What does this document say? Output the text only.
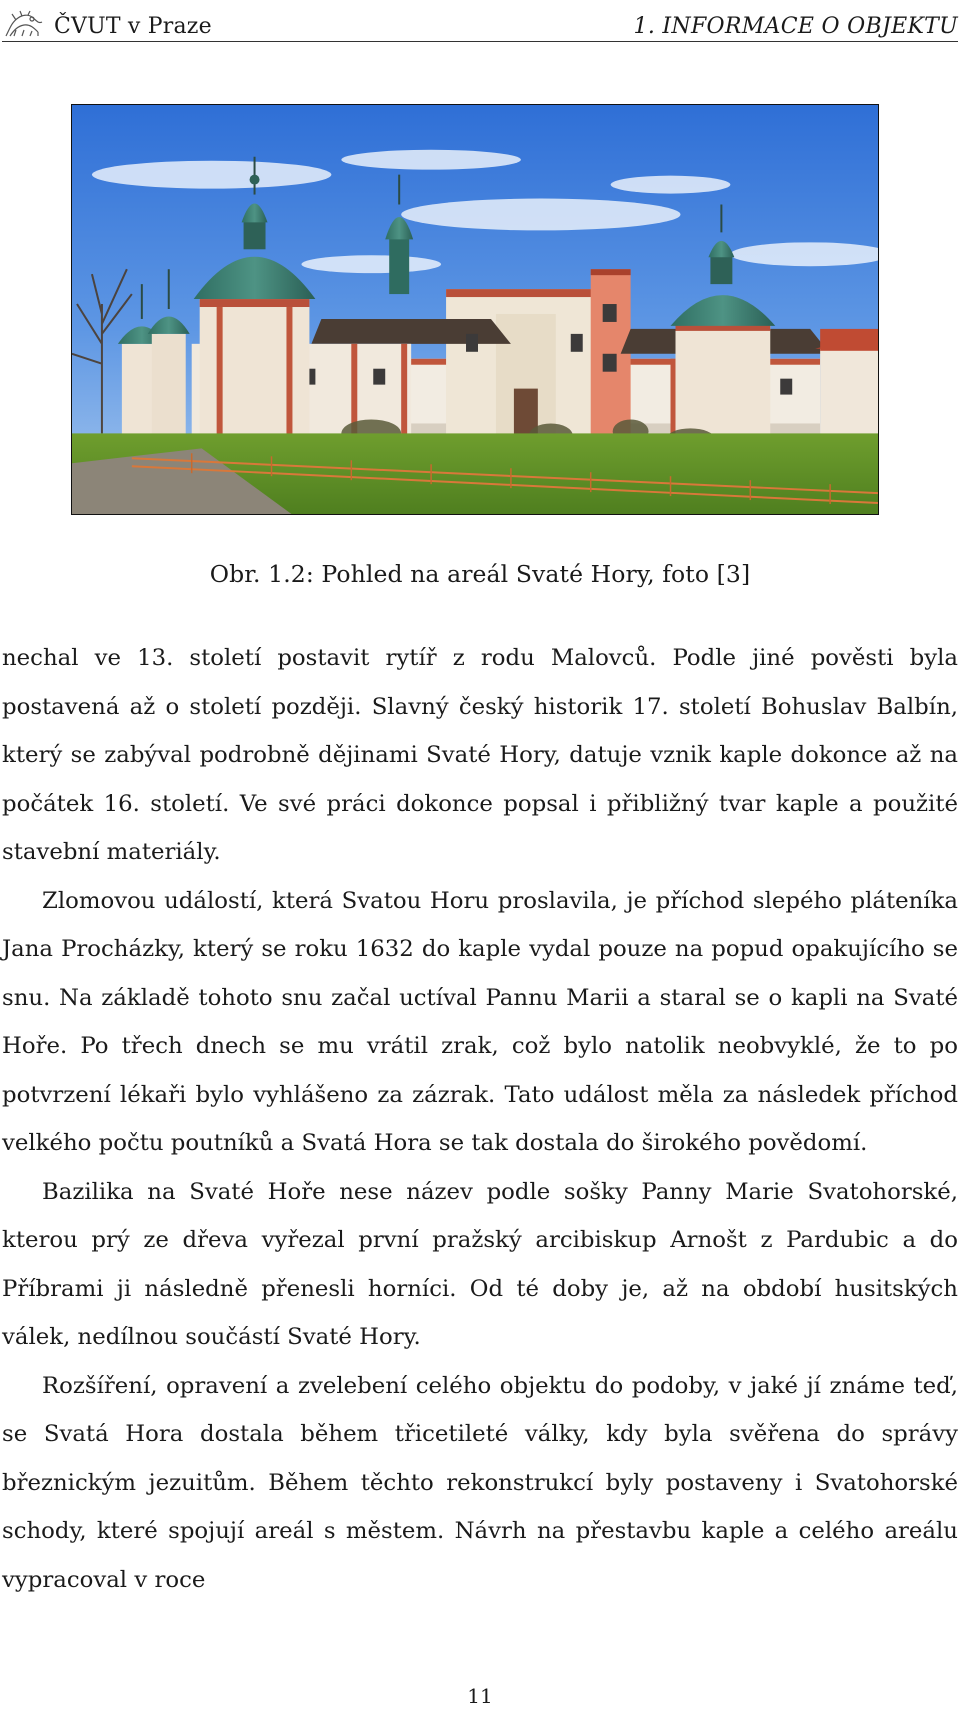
ČVUT v Praze	1. INFORMACE O OBJEKTU
Obr. 1.2: Pohled na areál Svaté Hory, foto [3]

nechal ve 13. století postavit rytíř z rodu Malovců. Podle jiné pověsti byla postavená až o století později. Slavný český historik 17. století Bohuslav Balbín, který se zabýval podrobně dějinami Svaté Hory, datuje vznik kaple dokonce až na počátek 16. století. Ve své práci dokonce popsal i přibližný tvar kaple a použité stavební materiály.

Zlomovou událostí, která Svatou Horu proslavila, je příchod slepého pláteníka Jana Procházky, který se roku 1632 do kaple vydal pouze na popud opakujícího se snu. Na základě tohoto snu začal uctíval Pannu Marii a staral se o kapli na Svaté Hoře. Po třech dnech se mu vrátil zrak, což bylo natolik neobvyklé, že to po potvrzení lékaři bylo vyhlášeno za zázrak. Tato událost měla za následek příchod velkého počtu poutníků a Svatá Hora se tak dostala do širokého povědomí.

Bazilika na Svaté Hoře nese název podle sošky Panny Marie Svatohorské, kterou prý ze dřeva vyřezal první pražský arcibiskup Arnošt z Pardubic a do Příbrami ji následně přenesli horníci. Od té doby je, až na období husitských válek, nedílnou součástí Svaté Hory.

Rozšíření, opravení a zvelebení celého objektu do podoby, v jaké jí známe teď, se Svatá Hora dostala během třicetileté války, kdy byla svěřena do správy březnickým jezuitům. Během těchto rekonstrukcí byly postaveny i Svatohorské schody, které spojují areál s městem. Návrh na přestavbu kaple a celého areálu vypracoval v roce

11
